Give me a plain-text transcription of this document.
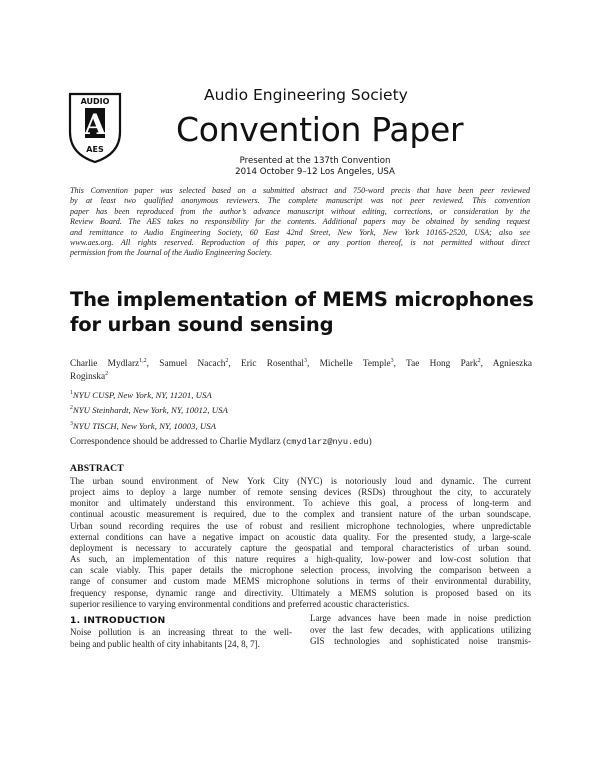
AUDIO
A
AES
Audio Engineering Society
Convention Paper
Presented at the 137th Convention
2014 October 9–12 Los Angeles, USA
This Convention paper was selected based on a submitted abstract and 750-word precis that have been peer reviewed
by at least two qualified anonymous reviewers. The complete manuscript was not peer reviewed. This convention
paper has been reproduced from the author’s advance manuscript without editing, corrections, or consideration by the
Review Board. The AES takes no responsibility for the contents. Additional papers may be obtained by sending request
and remittance to Audio Engineering Society, 60 East 42nd Street, New York, New York 10165-2520, USA; also see
www.aes.org. All rights reserved. Reproduction of this paper, or any portion thereof, is not permitted without direct
permission from the Journal of the Audio Engineering Society.
The implementation of MEMS microphones
for urban sound sensing
Charlie Mydlarz$^{1,2}$, Samuel Nacach$^2$, Eric Rosenthal$^3$, Michelle Temple$^3$, Tae Hong Park$^2$, Agnieszka
Roginska$^2$
$^1$NYU CUSP, New York, NY, 11201, USA
$^2$NYU Steinhardt, New York, NY, 10012, USA
$^3$NYU TISCH, New York, NY, 10003, USA
Correspondence should be addressed to Charlie Mydlarz (cmydlarz@nyu.edu)
ABSTRACT
The urban sound environment of New York City (NYC) is notoriously loud and dynamic. The current
project aims to deploy a large number of remote sensing devices (RSDs) throughout the city, to accurately
monitor and ultimately understand this environment. To achieve this goal, a process of long-term and
continual acoustic measurement is required, due to the complex and transient nature of the urban soundscape.
Urban sound recording requires the use of robust and resilient microphone technologies, where unpredictable
external conditions can have a negative impact on acoustic data quality. For the presented study, a large-scale
deployment is necessary to accurately capture the geospatial and temporal characteristics of urban sound.
As such, an implementation of this nature requires a high-quality, low-power and low-cost solution that
can scale viably. This paper details the microphone selection process, involving the comparison between a
range of consumer and custom made MEMS microphone solutions in terms of their environmental durability,
frequency response, dynamic range and directivity. Ultimately a MEMS solution is proposed based on its
superior resilience to varying environmental conditions and preferred acoustic characteristics.
1. INTRODUCTION
Noise pollution is an increasing threat to the well-
being and public health of city inhabitants [24, 8, 7].
Large advances have been made in noise prediction
over the last few decades, with applications utilizing
GIS technologies and sophisticated noise transmis-
